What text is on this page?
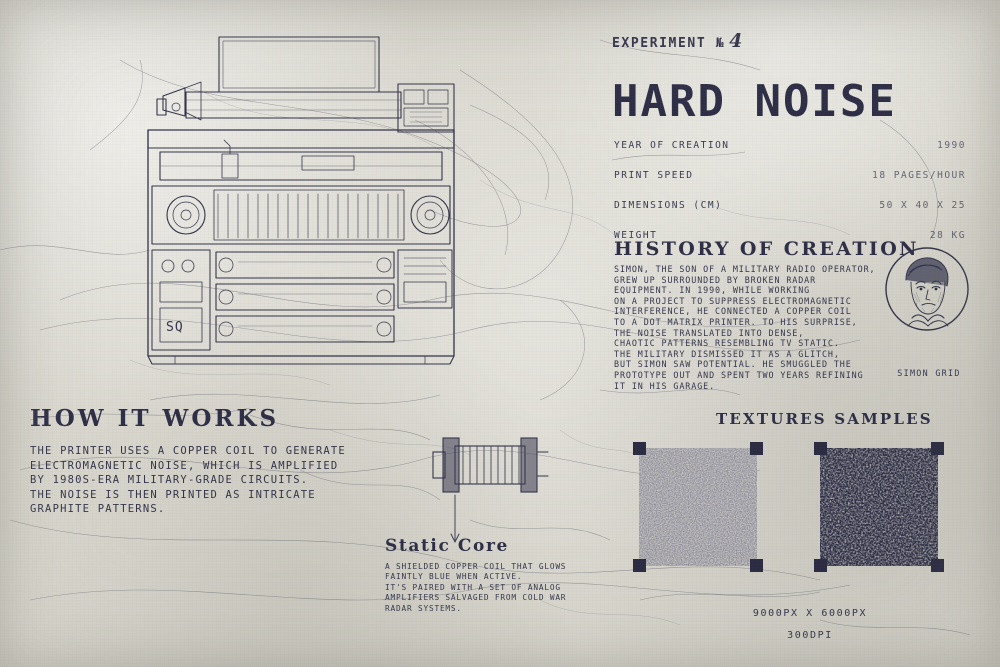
SQ
EXPERIMENT № 4
HARD NOISE
YEAR OF CREATION	1990
PRINT SPEED	18 PAGES/HOUR
DIMENSIONS (CM)	50 X 40 X 25
WEIGHT	28 KG
HISTORY OF CREATION
SIMON, THE SON OF A MILITARY RADIO OPERATOR,
GREW UP SURROUNDED BY BROKEN RADAR
EQUIPMENT. IN 1990, WHILE WORKING
ON A PROJECT TO SUPPRESS ELECTROMAGNETIC
INTERFERENCE, HE CONNECTED A COPPER COIL
TO A DOT MATRIX PRINTER. TO HIS SURPRISE,
THE NOISE TRANSLATED INTO DENSE,
CHAOTIC PATTERNS RESEMBLING TV STATIC.
THE MILITARY DISMISSED IT AS A GLITCH,
BUT SIMON SAW POTENTIAL. HE SMUGGLED THE
PROTOTYPE OUT AND SPENT TWO YEARS REFINING
IT IN HIS GARAGE.
SIMON GRID
HOW IT WORKS
THE PRINTER USES A COPPER COIL TO GENERATE
ELECTROMAGNETIC NOISE, WHICH IS AMPLIFIED
BY 1980S-ERA MILITARY-GRADE CIRCUITS.
THE NOISE IS THEN PRINTED AS INTRICATE
GRAPHITE PATTERNS.
Static Core
A SHIELDED COPPER COIL THAT GLOWS
FAINTLY BLUE WHEN ACTIVE.
IT'S PAIRED WITH A SET OF ANALOG
AMPLIFIERS SALVAGED FROM COLD WAR
RADAR SYSTEMS.
TEXTURES SAMPLES
9000PX X 6000PX
300DPI
